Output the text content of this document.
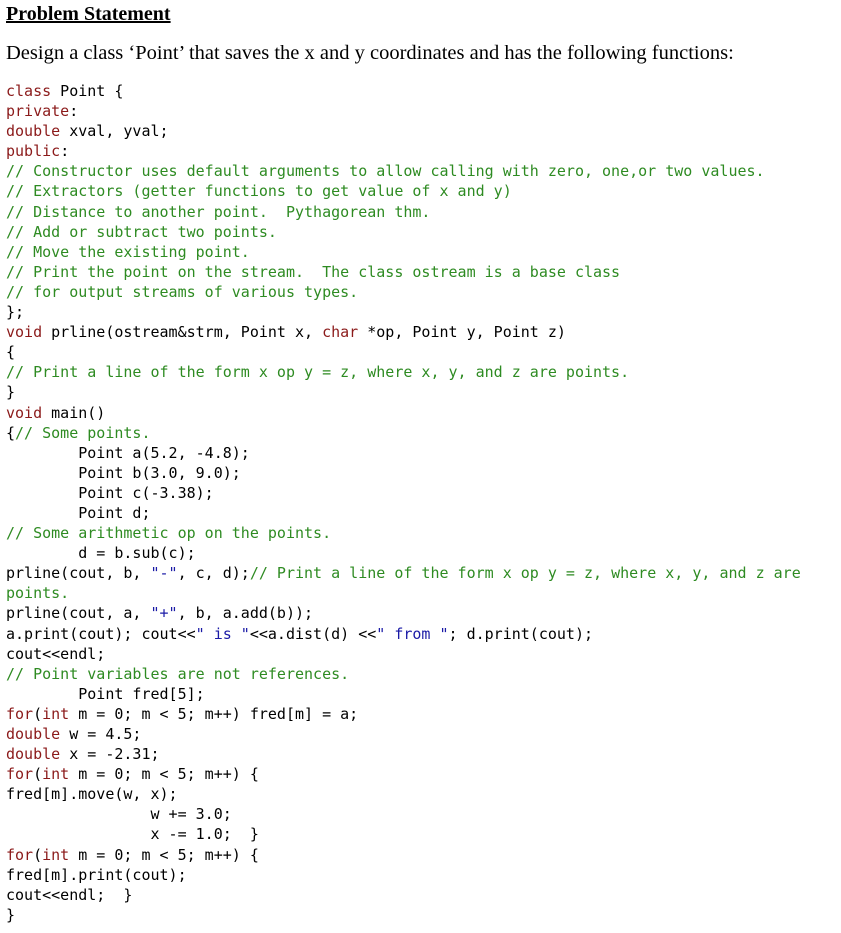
Problem Statement
Design a class ‘Point’ that saves the x and y coordinates and has the following functions:
class Point {
private:
double xval, yval;
public:
// Constructor uses default arguments to allow calling with zero, one,or two values.
// Extractors (getter functions to get value of x and y)
// Distance to another point.  Pythagorean thm.
// Add or subtract two points.
// Move the existing point.
// Print the point on the stream.  The class ostream is a base class
// for output streams of various types.
};
void prline(ostream&strm, Point x, char *op, Point y, Point z)
{
// Print a line of the form x op y = z, where x, y, and z are points.
}
void main()
{// Some points.
Point a(5.2, -4.8);
Point b(3.0, 9.0);
Point c(-3.38);
Point d;
// Some arithmetic op on the points.
d = b.sub(c);
prline(cout, b, "-", c, d);// Print a line of the form x op y = z, where x, y, and z are
points.
prline(cout, a, "+", b, a.add(b));
a.print(cout); cout<<" is "<<a.dist(d) <<" from "; d.print(cout);
cout<<endl;
// Point variables are not references.
Point fred[5];
for(int m = 0; m < 5; m++) fred[m] = a;
double w = 4.5;
double x = -2.31;
for(int m = 0; m < 5; m++) {
fred[m].move(w, x);
w += 3.0;
x -= 1.0;  }
for(int m = 0; m < 5; m++) {
fred[m].print(cout);
cout<<endl;  }
}
